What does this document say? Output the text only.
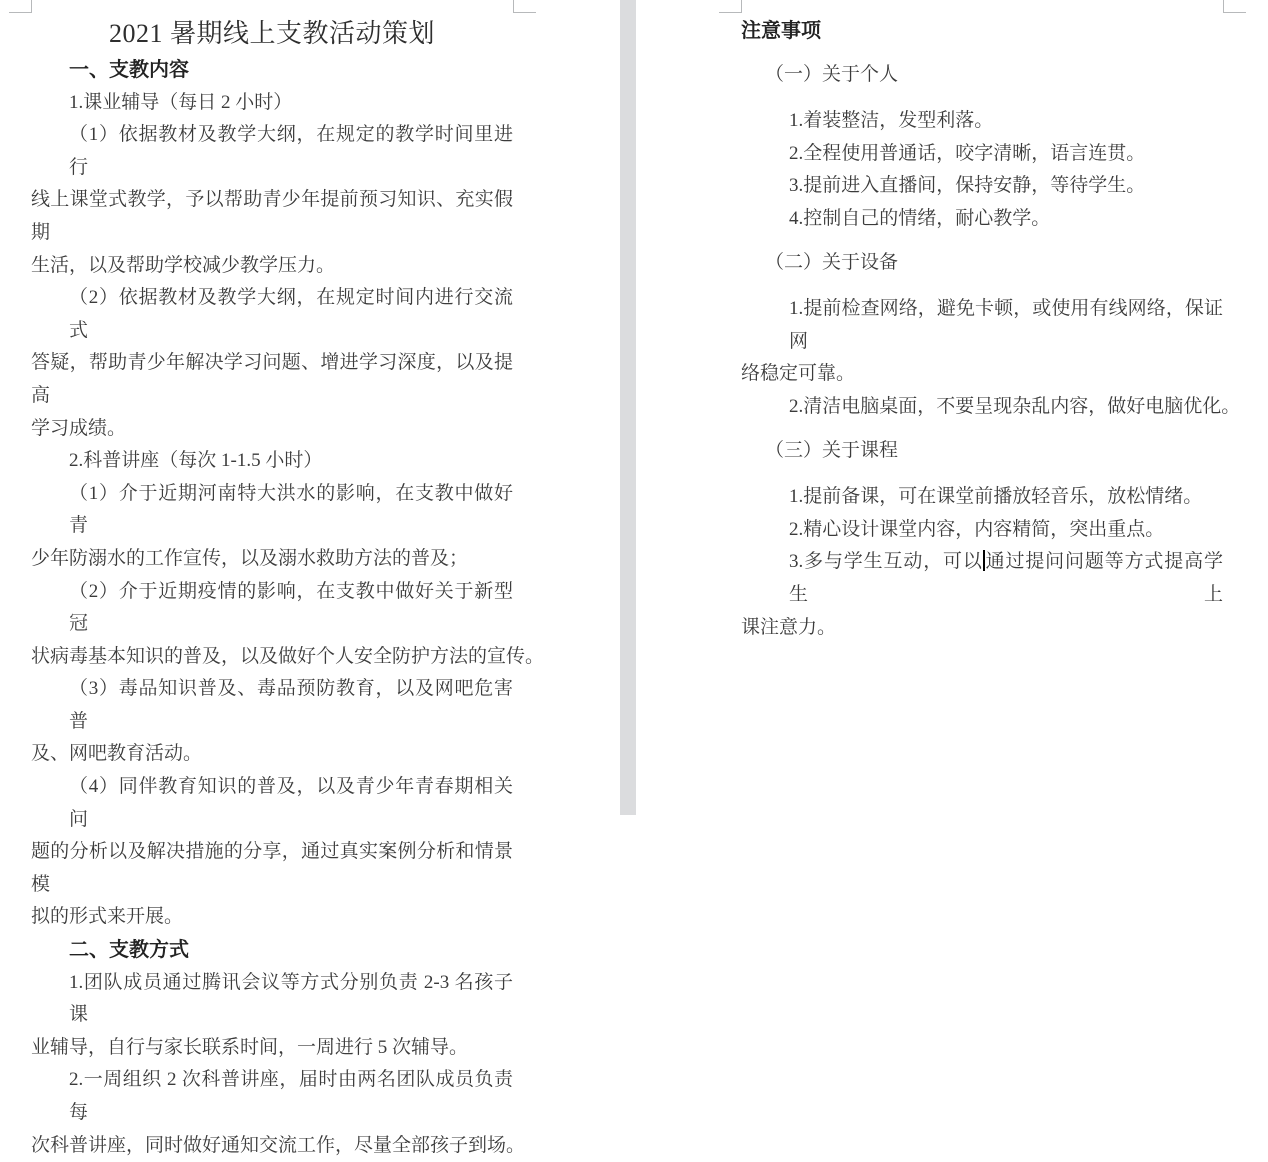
2021 暑期线上支教活动策划
一、支教内容
1.课业辅导（每日 2 小时）
（1）依据教材及教学大纲，在规定的教学时间里进行
线上课堂式教学，予以帮助青少年提前预习知识、充实假期
生活，以及帮助学校减少教学压力。
（2）依据教材及教学大纲，在规定时间内进行交流式
答疑，帮助青少年解决学习问题、增进学习深度，以及提高
学习成绩。
2.科普讲座（每次 1-1.5 小时）
（1）介于近期河南特大洪水的影响，在支教中做好青
少年防溺水的工作宣传，以及溺水救助方法的普及；
（2）介于近期疫情的影响，在支教中做好关于新型冠
状病毒基本知识的普及，以及做好个人安全防护方法的宣传。
（3）毒品知识普及、毒品预防教育，以及网吧危害普
及、网吧教育活动。
（4）同伴教育知识的普及，以及青少年青春期相关问
题的分析以及解决措施的分享，通过真实案例分析和情景模
拟的形式来开展。
二、支教方式
1.团队成员通过腾讯会议等方式分别负责 2-3 名孩子课
业辅导，自行与家长联系时间，一周进行 5 次辅导。
2.一周组织 2 次科普讲座，届时由两名团队成员负责每
次科普讲座，同时做好通知交流工作，尽量全部孩子到场。
注意事项
（一）关于个人
1.着装整洁，发型利落。
2.全程使用普通话，咬字清晰，语言连贯。
3.提前进入直播间，保持安静，等待学生。
4.控制自己的情绪，耐心教学。
（二）关于设备
1.提前检查网络，避免卡顿，或使用有线网络，保证网
络稳定可靠。
2.清洁电脑桌面，不要呈现杂乱内容，做好电脑优化。
（三）关于课程
1.提前备课，可在课堂前播放轻音乐，放松情绪。
2.精心设计课堂内容，内容精简，突出重点。
3.多与学生互动，可以 通过提问问题等方式提高学生上
课注意力。
